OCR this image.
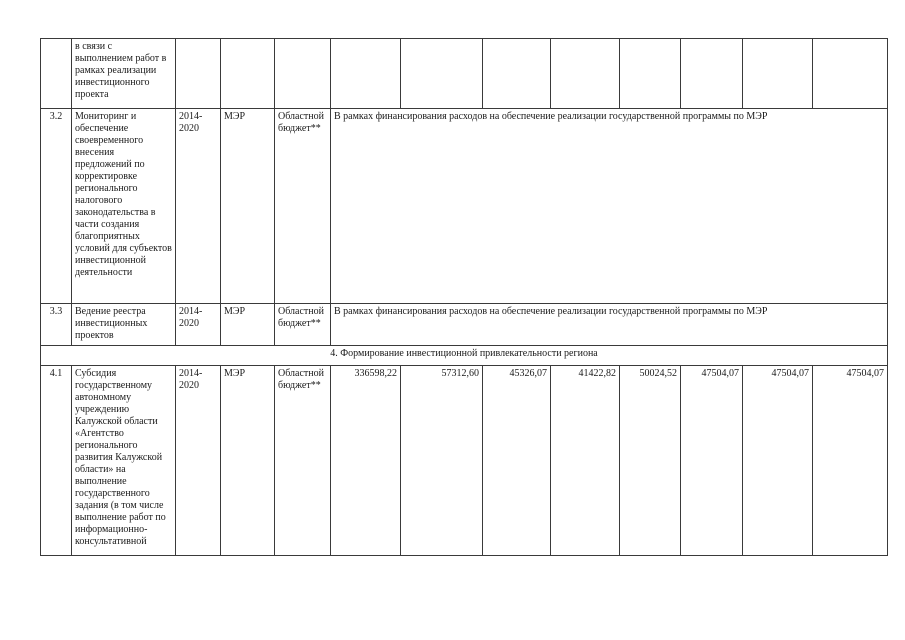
	в связи с выполнением работ в рамках реализации инвестиционного проекта											
3.2	Мониторинг и обеспечение своевременного внесения предложений по корректировке регионального налогового законодательства в части создания благоприятных условий для субъектов инвестиционной деятельности	2014-2020	МЭР	Областной бюджет**	В рамках финансирования расходов на обеспечение реализации государственной программы по МЭР							
3.3	Ведение реестра инвестиционных проектов	2014-2020	МЭР	Областной бюджет**	В рамках финансирования расходов на обеспечение реализации государственной программы по МЭР							
4. Формирование инвестиционной привлекательности региона												
4.1	Субсидия государственному автономному учреждению Калужской области «Агентство регионального развития Калужской области» на выполнение государственного задания (в том числе выполнение работ по информационно-консультативной	2014-2020	МЭР	Областной бюджет**	336598,22	57312,60	45326,07	41422,82	50024,52	47504,07	47504,07	47504,07
